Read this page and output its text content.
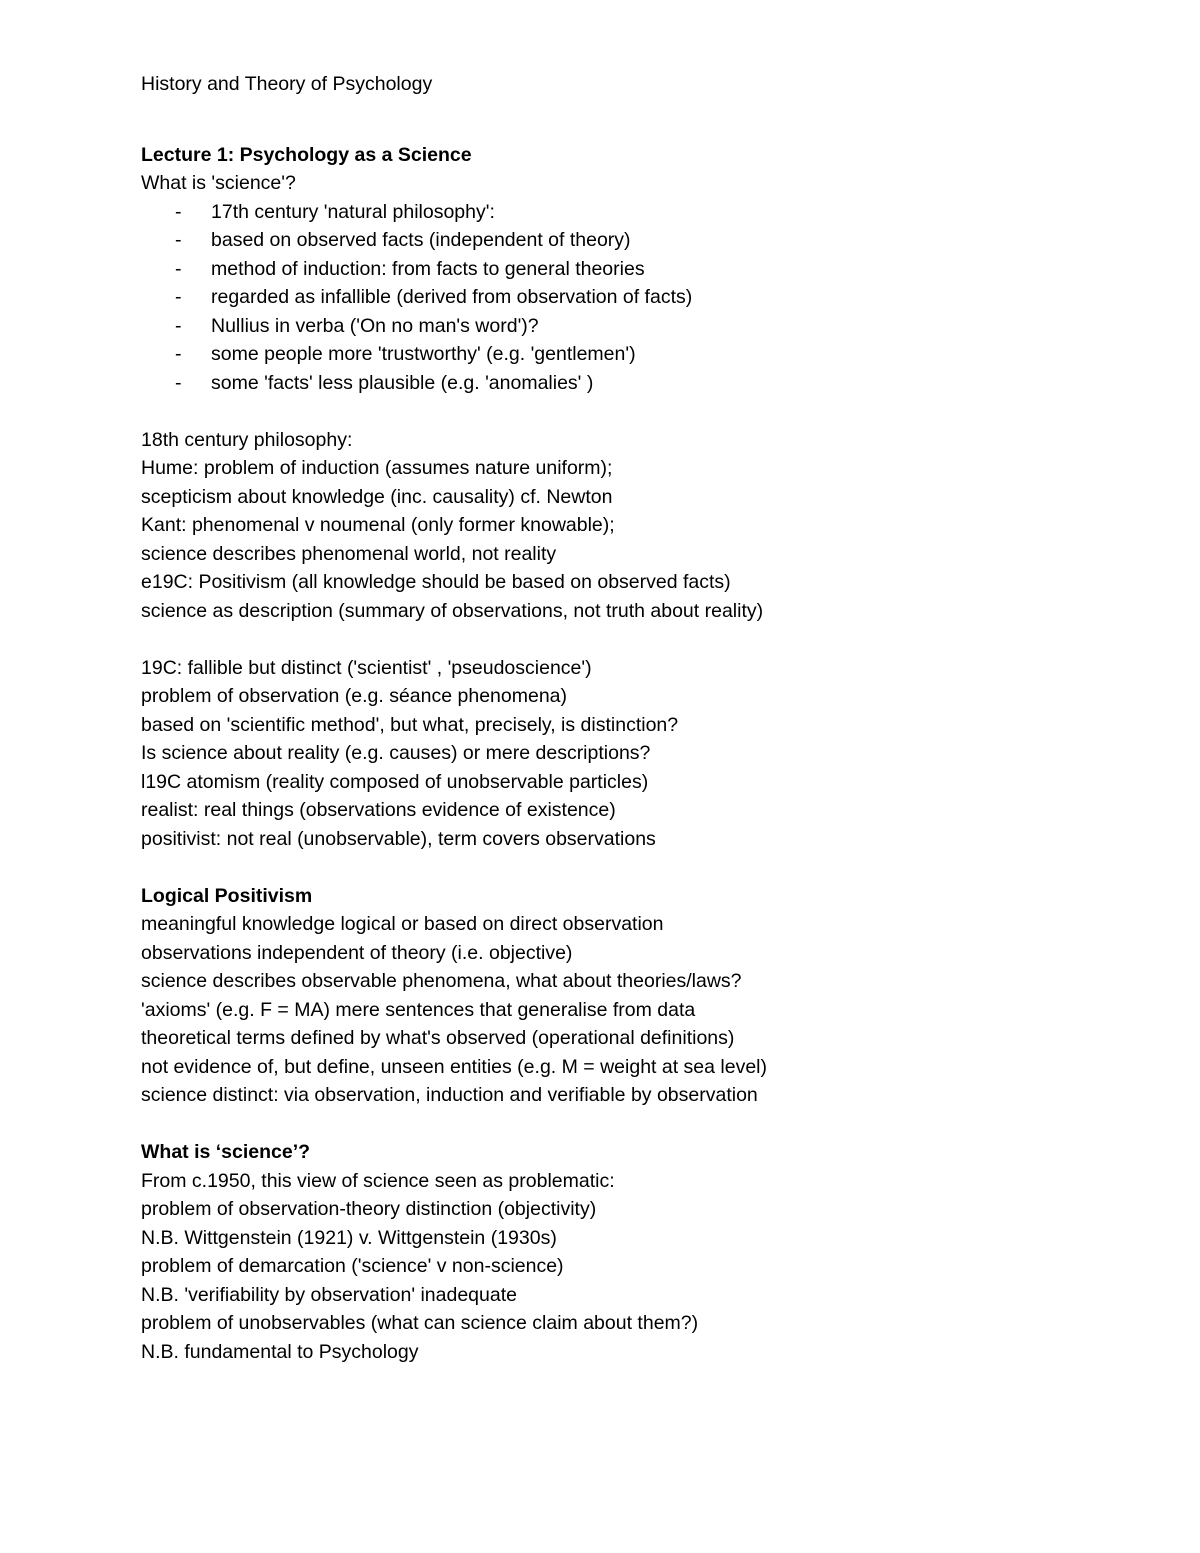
History and Theory of Psychology
Lecture 1: Psychology as a Science
What is 'science'?
-	17th century 'natural philosophy':
-	based on observed facts (independent of theory)
-	method of induction: from facts to general theories
-	regarded as infallible (derived from observation of facts)
-	Nullius in verba ('On no man's word')?
-	some people more 'trustworthy' (e.g. 'gentlemen')
-	some 'facts' less plausible (e.g. 'anomalies' )
18th century philosophy:
Hume: problem of induction (assumes nature uniform);
scepticism about knowledge (inc. causality) cf. Newton
Kant: phenomenal v noumenal (only former knowable);
science describes phenomenal world, not reality
e19C: Positivism (all knowledge should be based on observed facts)
science as description (summary of observations, not truth about reality)
19C: fallible but distinct ('scientist' , 'pseudoscience')
problem of observation (e.g. séance phenomena)
based on 'scientific method', but what, precisely, is distinction?
Is science about reality (e.g. causes) or mere descriptions?
l19C atomism (reality composed of unobservable particles)
realist: real things (observations evidence of existence)
positivist: not real (unobservable), term covers observations
Logical Positivism
meaningful knowledge logical or based on direct observation
observations independent of theory (i.e. objective)
science describes observable phenomena, what about theories/laws?
'axioms' (e.g. F = MA) mere sentences that generalise from data
theoretical terms defined by what's observed (operational definitions)
not evidence of, but define, unseen entities (e.g. M = weight at sea level)
science distinct: via observation, induction and verifiable by observation
What is ‘science’?
From c.1950, this view of science seen as problematic:
problem of observation-theory distinction (objectivity)
N.B. Wittgenstein (1921) v. Wittgenstein (1930s)
problem of demarcation ('science' v non-science)
N.B. 'verifiability by observation' inadequate
problem of unobservables (what can science claim about them?)
N.B. fundamental to Psychology
